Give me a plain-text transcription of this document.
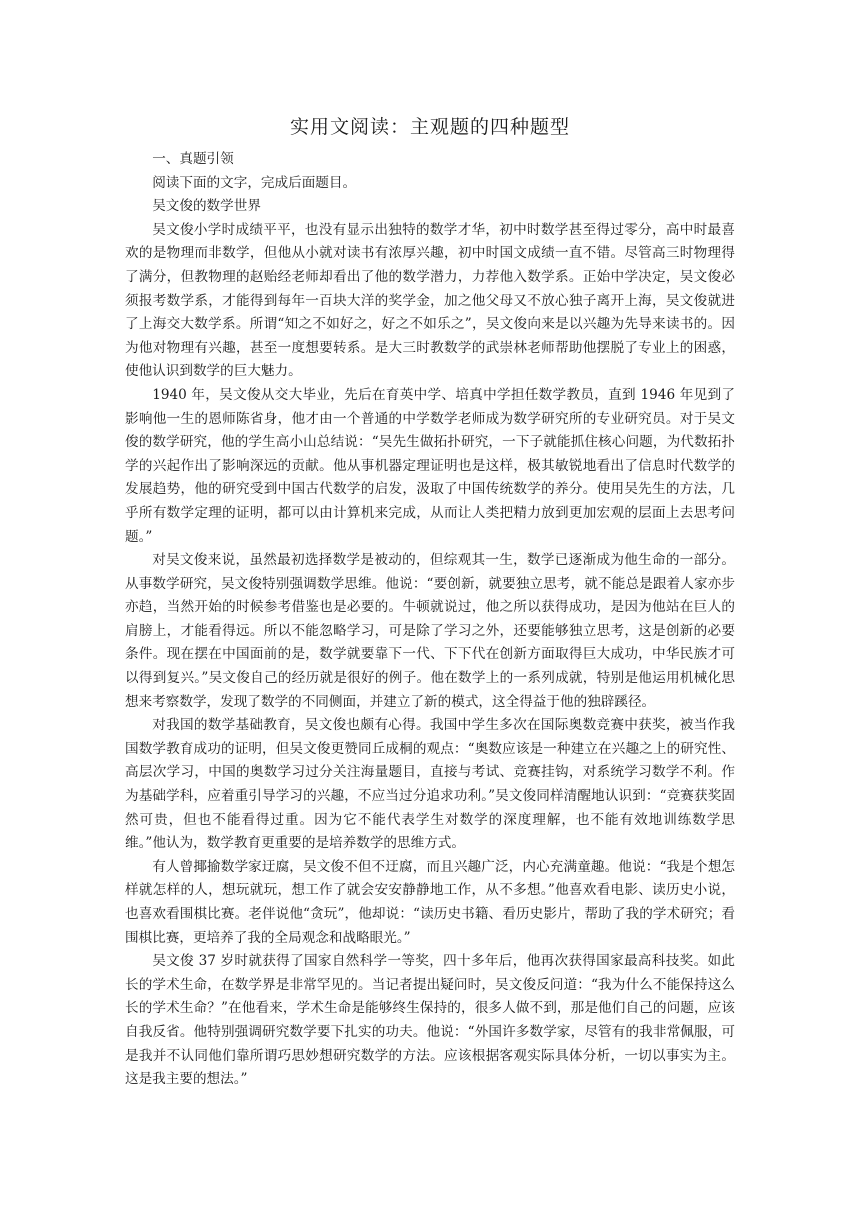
实用文阅读：主观题的四种题型

一、真题引领

阅读下面的文字，完成后面题目。

吴文俊的数学世界

吴文俊小学时成绩平平，也没有显示出独特的数学才华，初中时数学甚至得过零分，高中时最喜欢的是物理而非数学，但他从小就对读书有浓厚兴趣，初中时国文成绩一直不错。尽管高三时物理得了满分，但教物理的赵贻经老师却看出了他的数学潜力，力荐他入数学系。正始中学决定，吴文俊必须报考数学系，才能得到每年一百块大洋的奖学金，加之他父母又不放心独子离开上海，吴文俊就进了上海交大数学系。所谓“知之不如好之，好之不如乐之”，吴文俊向来是以兴趣为先导来读书的。因为他对物理有兴趣，甚至一度想要转系。是大三时教数学的武崇林老师帮助他摆脱了专业上的困惑，使他认识到数学的巨大魅力。

1940 年，吴文俊从交大毕业，先后在育英中学、培真中学担任数学教员，直到 1946 年见到了影响他一生的恩师陈省身，他才由一个普通的中学数学老师成为数学研究所的专业研究员。对于吴文俊的数学研究，他的学生高小山总结说：“吴先生做拓扑研究，一下子就能抓住核心问题，为代数拓扑学的兴起作出了影响深远的贡献。他从事机器定理证明也是这样，极其敏锐地看出了信息时代数学的发展趋势，他的研究受到中国古代数学的启发，汲取了中国传统数学的养分。使用吴先生的方法，几乎所有数学定理的证明，都可以由计算机来完成，从而让人类把精力放到更加宏观的层面上去思考问题。”

对吴文俊来说，虽然最初选择数学是被动的，但综观其一生，数学已逐渐成为他生命的一部分。从事数学研究，吴文俊特别强调数学思维。他说：“要创新，就要独立思考，就不能总是跟着人家亦步亦趋，当然开始的时候参考借鉴也是必要的。牛顿就说过，他之所以获得成功，是因为他站在巨人的肩膀上，才能看得远。所以不能忽略学习，可是除了学习之外，还要能够独立思考，这是创新的必要条件。现在摆在中国面前的是，数学就要靠下一代、下下代在创新方面取得巨大成功，中华民族才可以得到复兴。”吴文俊自己的经历就是很好的例子。他在数学上的一系列成就，特别是他运用机械化思想来考察数学，发现了数学的不同侧面，并建立了新的模式，这全得益于他的独辟蹊径。

对我国的数学基础教育，吴文俊也颇有心得。我国中学生多次在国际奥数竞赛中获奖，被当作我国数学教育成功的证明，但吴文俊更赞同丘成桐的观点：“奥数应该是一种建立在兴趣之上的研究性、高层次学习，中国的奥数学习过分关注海量题目，直接与考试、竞赛挂钩，对系统学习数学不利。作为基础学科，应着重引导学习的兴趣，不应当过分追求功利。”吴文俊同样清醒地认识到：“竞赛获奖固然可贵，但也不能看得过重。因为它不能代表学生对数学的深度理解，也不能有效地训练数学思维。”他认为，数学教育更重要的是培养数学的思维方式。

有人曾揶揄数学家迂腐，吴文俊不但不迂腐，而且兴趣广泛，内心充满童趣。他说：“我是个想怎样就怎样的人，想玩就玩，想工作了就会安安静静地工作，从不多想。”他喜欢看电影、读历史小说，也喜欢看围棋比赛。老伴说他“贪玩”，他却说：“读历史书籍、看历史影片，帮助了我的学术研究；看围棋比赛，更培养了我的全局观念和战略眼光。”

吴文俊 37 岁时就获得了国家自然科学一等奖，四十多年后，他再次获得国家最高科技奖。如此长的学术生命，在数学界是非常罕见的。当记者提出疑问时，吴文俊反问道：“我为什么不能保持这么长的学术生命？”在他看来，学术生命是能够终生保持的，很多人做不到，那是他们自己的问题，应该自我反省。他特别强调研究数学要下扎实的功夫。他说：“外国许多数学家，尽管有的我非常佩服，可是我并不认同他们靠所谓巧思妙想研究数学的方法。应该根据客观实际具体分析，一切以事实为主。这是我主要的想法。”
